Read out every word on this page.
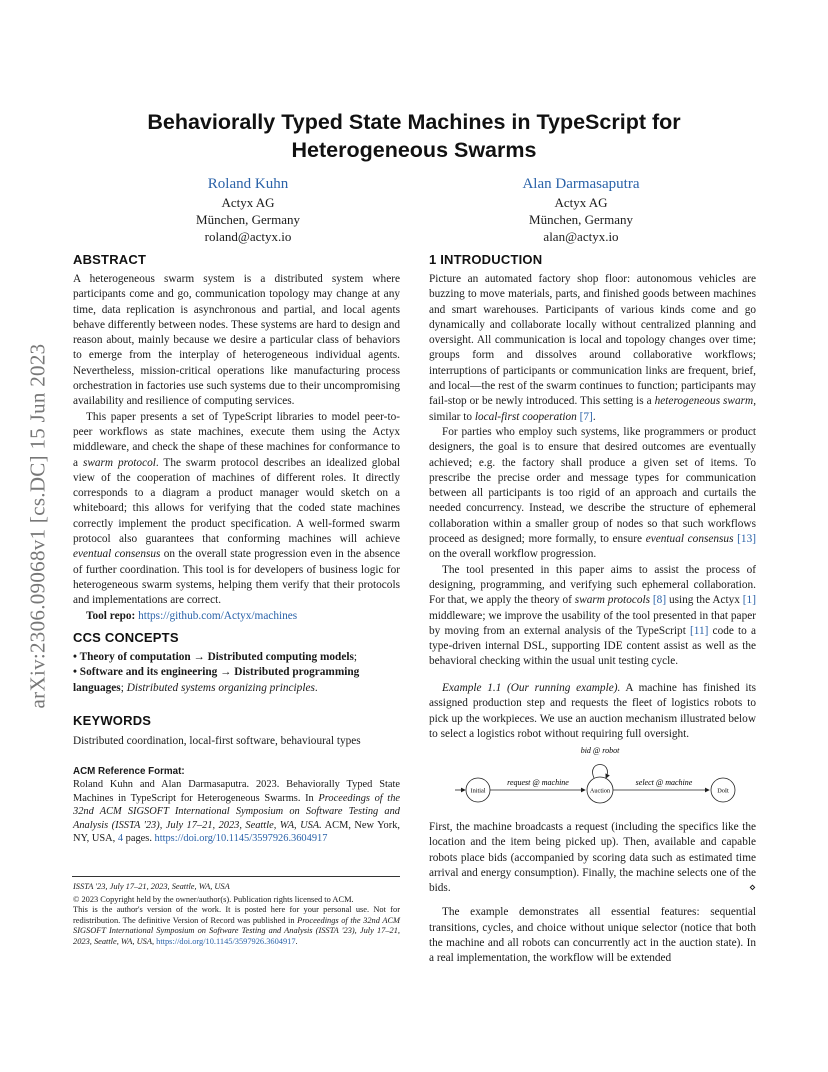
Behaviorally Typed State Machines in TypeScript for
Heterogeneous Swarms
Roland Kuhn
Actyx AG
München, Germany
roland@actyx.io
Alan Darmasaputra
Actyx AG
München, Germany
alan@actyx.io
arXiv:2306.09068v1 [cs.DC] 15 Jun 2023
ABSTRACT

A heterogeneous swarm system is a distributed system where participants come and go, communication topology may change at any time, data replication is asynchronous and partial, and local agents behave differently between nodes. These systems are hard to design and reason about, mainly because we desire a particular class of behaviors to emerge from the interplay of heterogeneous individual agents. Nevertheless, mission-critical operations like manufacturing process orchestration in factories use such systems due to their uncompromising availability and resilience of computing services.

This paper presents a set of TypeScript libraries to model peer-to-peer workflows as state machines, execute them using the Actyx middleware, and check the shape of these machines for conformance to a swarm protocol. The swarm protocol describes an idealized global view of the cooperation of machines of different roles. It directly corresponds to a diagram a product manager would sketch on a whiteboard; this allows for verifying that the coded state machines correctly implement the product specification. A well-formed swarm protocol also guarantees that conforming machines will achieve eventual consensus on the overall state progression even in the absence of further coordination. This tool is for developers of business logic for heterogeneous swarm systems, helping them verify that their protocols and implementations are correct.

Tool repo: https://github.com/Actyx/machines

CCS CONCEPTS

• Theory of computation → Distributed computing models;

• Software and its engineering → Distributed programming languages; Distributed systems organizing principles.

KEYWORDS
Distributed coordination, local-first software, behavioural types

ACM Reference Format:

Roland Kuhn and Alan Darmasaputra. 2023. Behaviorally Typed State Machines in TypeScript for Heterogeneous Swarms. In Proceedings of the 32nd ACM SIGSOFT International Symposium on Software Testing and Analysis (ISSTA '23), July 17–21, 2023, Seattle, WA, USA. ACM, New York, NY, USA, 4 pages. https://doi.org/10.1145/3597926.3604917

ISSTA '23, July 17–21, 2023, Seattle, WA, USA

© 2023 Copyright held by the owner/author(s). Publication rights licensed to ACM.

This is the author's version of the work. It is posted here for your personal use. Not for redistribution. The definitive Version of Record was published in Proceedings of the 32nd ACM SIGSOFT International Symposium on Software Testing and Analysis (ISSTA '23), July 17–21, 2023, Seattle, WA, USA, https://doi.org/10.1145/3597926.3604917.

1 INTRODUCTION

Picture an automated factory shop floor: autonomous vehicles are buzzing to move materials, parts, and finished goods between machines and smart warehouses. Participants of various kinds come and go dynamically and collaborate locally without centralized planning and oversight. All communication is local and topology changes over time; groups form and dissolves around collaborative workflows; interruptions of participants or communication links are frequent, brief, and local—the rest of the swarm continues to function; participants may fail-stop or be newly introduced. This setting is a heterogeneous swarm, similar to local-first cooperation [7].

For parties who employ such systems, like programmers or product designers, the goal is to ensure that desired outcomes are eventually achieved; e.g. the factory shall produce a given set of items. To prescribe the precise order and message types for communication between all participants is too rigid of an approach and curtails the needed concurrency. Instead, we describe the structure of ephemeral collaboration within a smaller group of nodes so that such workflows proceed as designed; more formally, to ensure eventual consensus [13] on the overall workflow progression.

The tool presented in this paper aims to assist the process of designing, programming, and verifying such ephemeral collaboration. For that, we apply the theory of swarm protocols [8] using the Actyx [1] middleware; we improve the usability of the tool presented in that paper by moving from an external analysis of the TypeScript [11] code to a type-driven internal DSL, supporting IDE content assist as well as the behavioral checking within the usual unit testing cycle.

Example 1.1 (Our running example). A machine has finished its assigned production step and requests the fleet of logistics robots to pick up the workpieces. We use an auction mechanism illustrated below to select a logistics robot without requiring full oversight.

Initial
request @ machine
Auction
bid @ robot
select @ machine
DoIt

First, the machine broadcasts a request (including the specifics like the location and the item being picked up). Then, available and capable robots place bids (accompanied by scoring data such as estimated time arrival and energy consumption). Finally, the machine selects one of the bids.	⋄

The example demonstrates all essential features: sequential transitions, cycles, and choice without unique selector (notice that both the machine and all robots can concurrently act in the auction state). In a real implementation, the workflow will be extended
